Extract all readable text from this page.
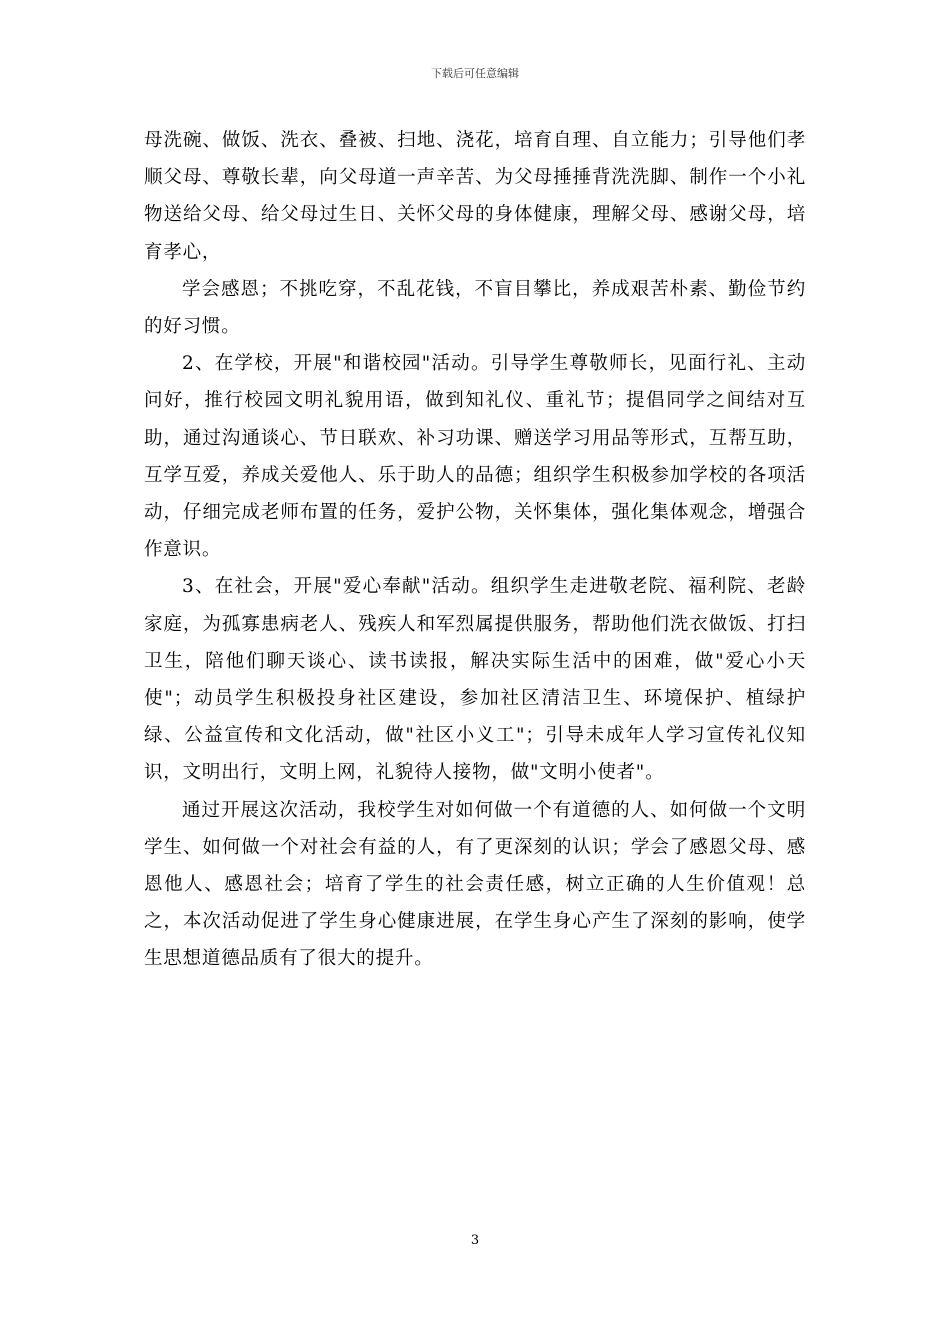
下载后可任意编辑

母洗碗、做饭、洗衣、叠被、扫地、浇花，培育自理、自立能力；引导他们孝顺父母、尊敬长辈，向父母道一声辛苦、为父母捶捶背洗洗脚、制作一个小礼物送给父母、给父母过生日、关怀父母的身体健康，理解父母、感谢父母，培育孝心，

学会感恩；不挑吃穿，不乱花钱，不盲目攀比，养成艰苦朴素、勤俭节约的好习惯。

2、在学校，开展"和谐校园"活动。引导学生尊敬师长，见面行礼、主动问好，推行校园文明礼貌用语，做到知礼仪、重礼节；提倡同学之间结对互助，通过沟通谈心、节日联欢、补习功课、赠送学习用品等形式，互帮互助，互学互爱，养成关爱他人、乐于助人的品德；组织学生积极参加学校的各项活动，仔细完成老师布置的任务，爱护公物，关怀集体，强化集体观念，增强合作意识。

3、在社会，开展"爱心奉献"活动。组织学生走进敬老院、福利院、老龄家庭，为孤寡患病老人、残疾人和军烈属提供服务，帮助他们洗衣做饭、打扫卫生，陪他们聊天谈心、读书读报，解决实际生活中的困难，做"爱心小天使"；动员学生积极投身社区建设，参加社区清洁卫生、环境保护、植绿护绿、公益宣传和文化活动，做"社区小义工"；引导未成年人学习宣传礼仪知识，文明出行，文明上网，礼貌待人接物，做"文明小使者"。

通过开展这次活动，我校学生对如何做一个有道德的人、如何做一个文明学生、如何做一个对社会有益的人，有了更深刻的认识；学会了感恩父母、感恩他人、感恩社会；培育了学生的社会责任感，树立正确的人生价值观！总之，本次活动促进了学生身心健康进展，在学生身心产生了深刻的影响，使学生思想道德品质有了很大的提升。

3
